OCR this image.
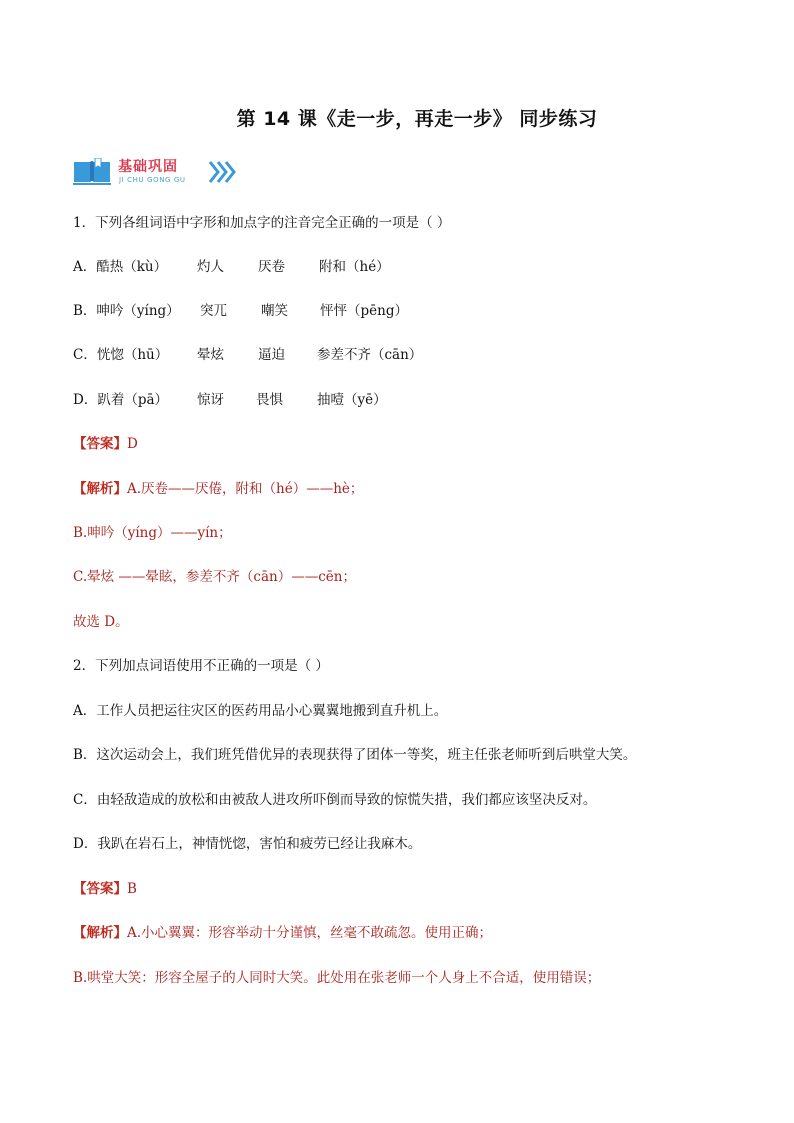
第 14 课《走一步，再走一步》 同步练习
基础巩固
JI CHU GONG GU
1．下列各组词语中字形和加点字的注音完全正确的一项是（ ）
A．酷热（kù） 灼人	厌卷	附和（hé）
B．呻吟（yíng） 突兀	嘲笑 怦怦（pēng）
C．恍惚（hū） 晕炫	逼迫 参差不齐（cān）
D．趴着（pā） 惊讶 畏惧	抽噎（yē）
【答案】D
【解析】A.厌卷——厌倦，附和（hé）——hè；
B.呻吟（yíng）——yín；
C.晕炫 ——晕眩，参差不齐（cān）——cēn；
故选 D。
2．下列加点词语使用不正确的一项是（ ）
A．工作人员把运往灾区的医药用品小心翼翼地搬到直升机上。
B．这次运动会上，我们班凭借优异的表现获得了团体一等奖，班主任张老师听到后哄堂大笑。
C．由轻敌造成的放松和由被敌人进攻所吓倒而导致的惊慌失措，我们都应该坚决反对。
D．我趴在岩石上，神情恍惚，害怕和疲劳已经让我麻木。
【答案】B
【解析】A.小心翼翼：形容举动十分谨慎，丝毫不敢疏忽。使用正确；
B.哄堂大笑：形容全屋子的人同时大笑。此处用在张老师一个人身上不合适，使用错误；
